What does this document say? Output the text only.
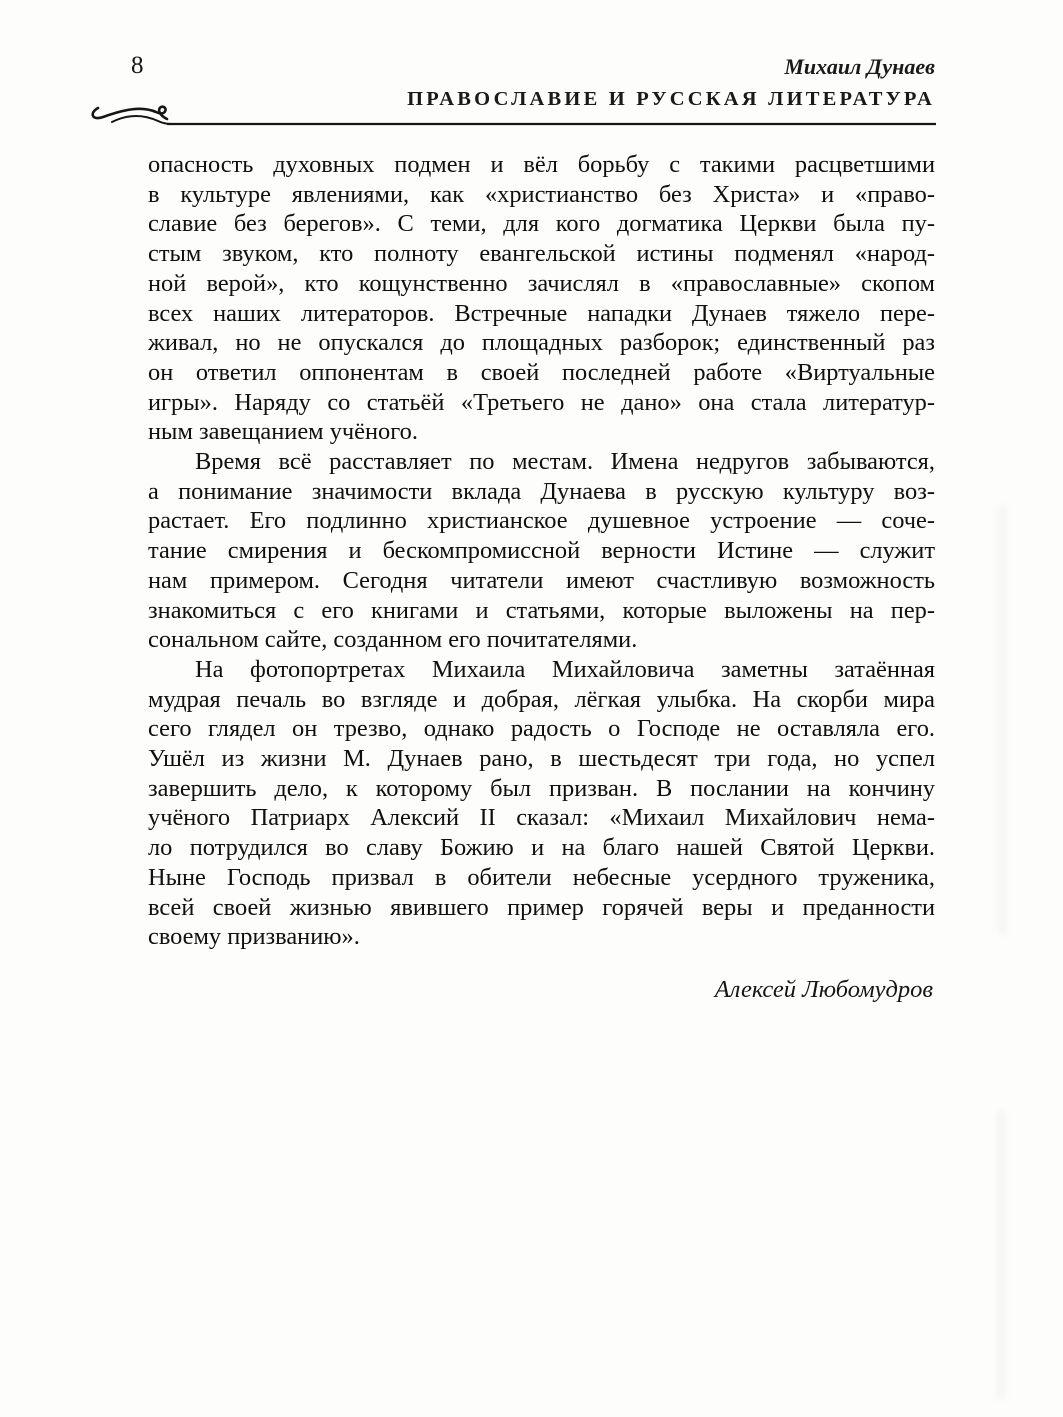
8	Михаил Дунаев
ПРАВОСЛАВИЕ И РУССКАЯ ЛИТЕРАТУРА
опасность духовных подмен и вёл борьбу с такими расцветшими
в культуре явлениями, как «христианство без Христа» и «право-
славие без берегов». С теми, для кого догматика Церкви была пу-
стым звуком, кто полноту евангельской истины подменял «народ-
ной верой», кто кощунственно зачислял в «православные» скопом
всех наших литераторов. Встречные нападки Дунаев тяжело пере-
живал, но не опускался до площадных разборок; единственный раз
он ответил оппонентам в своей последней работе «Виртуальные
игры». Наряду со статьёй «Третьего не дано» она стала литератур-
ным завещанием учёного.
Время всё расставляет по местам. Имена недругов забываются,
а понимание значимости вклада Дунаева в русскую культуру воз-
растает. Его подлинно христианское душевное устроение — соче-
тание смирения и бескомпромиссной верности Истине — служит
нам примером. Сегодня читатели имеют счастливую возможность
знакомиться с его книгами и статьями, которые выложены на пер-
сональном сайте, созданном его почитателями.
На фотопортретах Михаила Михайловича заметны затаённая
мудрая печаль во взгляде и добрая, лёгкая улыбка. На скорби мира
сего глядел он трезво, однако радость о Господе не оставляла его.
Ушёл из жизни М. Дунаев рано, в шестьдесят три года, но успел
завершить дело, к которому был призван. В послании на кончину
учёного Патриарх Алексий II сказал: «Михаил Михайлович нема-
ло потрудился во славу Божию и на благо нашей Святой Церкви.
Ныне Господь призвал в обители небесные усердного труженика,
всей своей жизнью явившего пример горячей веры и преданности
своему призванию».
Алексей Любомудров
